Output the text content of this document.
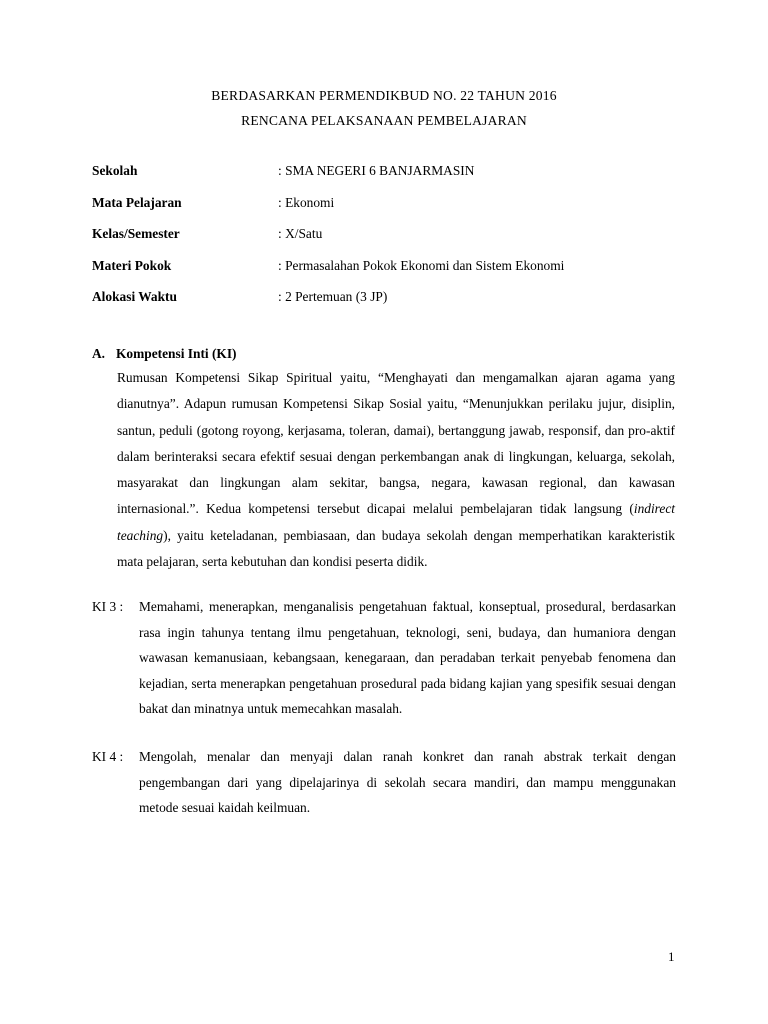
BERDASARKAN PERMENDIKBUD NO. 22 TAHUN 2016
RENCANA PELAKSANAAN PEMBELAJARAN
Sekolah	: SMA NEGERI 6 BANJARMASIN
Mata Pelajaran	: Ekonomi
Kelas/Semester	: X/Satu
Materi Pokok	: Permasalahan Pokok Ekonomi dan Sistem Ekonomi
Alokasi Waktu	: 2 Pertemuan (3 JP)
A. Kompetensi Inti (KI)
Rumusan Kompetensi Sikap Spiritual yaitu, “Menghayati dan mengamalkan ajaran agama yang dianutnya”. Adapun rumusan Kompetensi Sikap Sosial yaitu, “Menunjukkan perilaku jujur, disiplin, santun, peduli (gotong royong, kerjasama, toleran, damai), bertanggung jawab, responsif, dan pro-aktif dalam berinteraksi secara efektif sesuai dengan perkembangan anak di lingkungan, keluarga, sekolah, masyarakat dan lingkungan alam sekitar, bangsa, negara, kawasan regional, dan kawasan internasional.”. Kedua kompetensi tersebut dicapai melalui pembelajaran tidak langsung (indirect teaching), yaitu keteladanan, pembiasaan, dan budaya sekolah dengan memperhatikan karakteristik mata pelajaran, serta kebutuhan dan kondisi peserta didik.
KI 3 : Memahami, menerapkan, menganalisis pengetahuan faktual, konseptual, prosedural, berdasarkan rasa ingin tahunya tentang ilmu pengetahuan, teknologi, seni, budaya, dan humaniora dengan wawasan kemanusiaan, kebangsaan, kenegaraan, dan peradaban terkait penyebab fenomena dan kejadian, serta menerapkan pengetahuan prosedural pada bidang kajian yang spesifik sesuai dengan bakat dan minatnya untuk memecahkan masalah.
KI 4 : Mengolah, menalar dan menyaji dalan ranah konkret dan ranah abstrak terkait dengan pengembangan dari yang dipelajarinya di sekolah secara mandiri, dan mampu menggunakan metode sesuai kaidah keilmuan.
1
